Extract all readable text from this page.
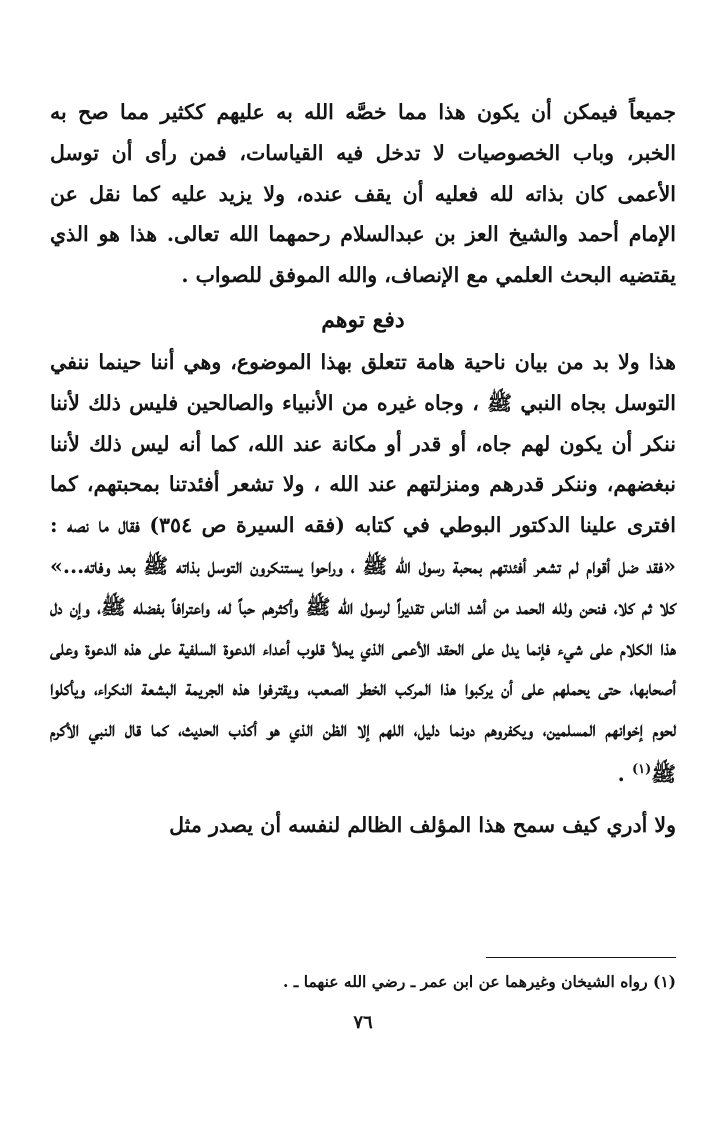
جميعاً فيمكن أن يكون هذا مما خصَّه الله به عليهم ككثير مما صح به الخبر، وباب الخصوصيات لا تدخل فيه القياسات، فمن رأى أن توسل الأعمى كان بذاته لله فعليه أن يقف عنده، ولا يزيد عليه كما نقل عن الإمام أحمد والشيخ العز بن عبدالسلام رحمهما الله تعالى. هذا هو الذي يقتضيه البحث العلمي مع الإنصاف، والله الموفق للصواب .

دفع توهم

هذا ولا بد من بيان ناحية هامة تتعلق بهذا الموضوع، وهي أننا حينما ننفي التوسل بجاه النبي ﷺ ، وجاه غيره من الأنبياء والصالحين فليس ذلك لأننا ننكر أن يكون لهم جاه، أو قدر أو مكانة عند الله، كما أنه ليس ذلك لأننا نبغضهم، وننكر قدرهم ومنزلتهم عند الله ، ولا تشعر أفئدتنا بمحبتهم، كما افترى علينا الدكتور البوطي في كتابه (فقه السيرة ص ٣٥٤) فقال ما نصه : «فقد ضل أقوام لم تشعر أفئدتهم بمحبة رسول الله ﷺ ، وراحوا يستنكرون التوسل بذاته ﷺ بعد وفاته...» كلا ثم كلا، فنحن ولله الحمد من أشد الناس تقديراً لرسول الله ﷺ وأكثرهم حباً له، واعترافاً بفضله ﷺ، وإن دل هذا الكلام على شيء فإنما يدل على الحقد الأعمى الذي يملأ قلوب أعداء الدعوة السلفية على هذه الدعوة وعلى أصحابها، حتى يحملهم على أن يركبوا هذا المركب الخطر الصعب، ويقترفوا هذه الجريمة البشعة النكراء، ويأكلوا لحوم إخوانهم المسلمين، ويكفروهم دونما دليل، اللهم إلا الظن الذي هو أكذب الحديث، كما قال النبي الأكرم ﷺ$^{(١)}$ .

ولا أدري كيف سمح هذا المؤلف الظالم لنفسه أن يصدر مثل

(١) رواه الشيخان وغيرهما عن ابن عمر ـ رضي الله عنهما ـ .
٧٦
